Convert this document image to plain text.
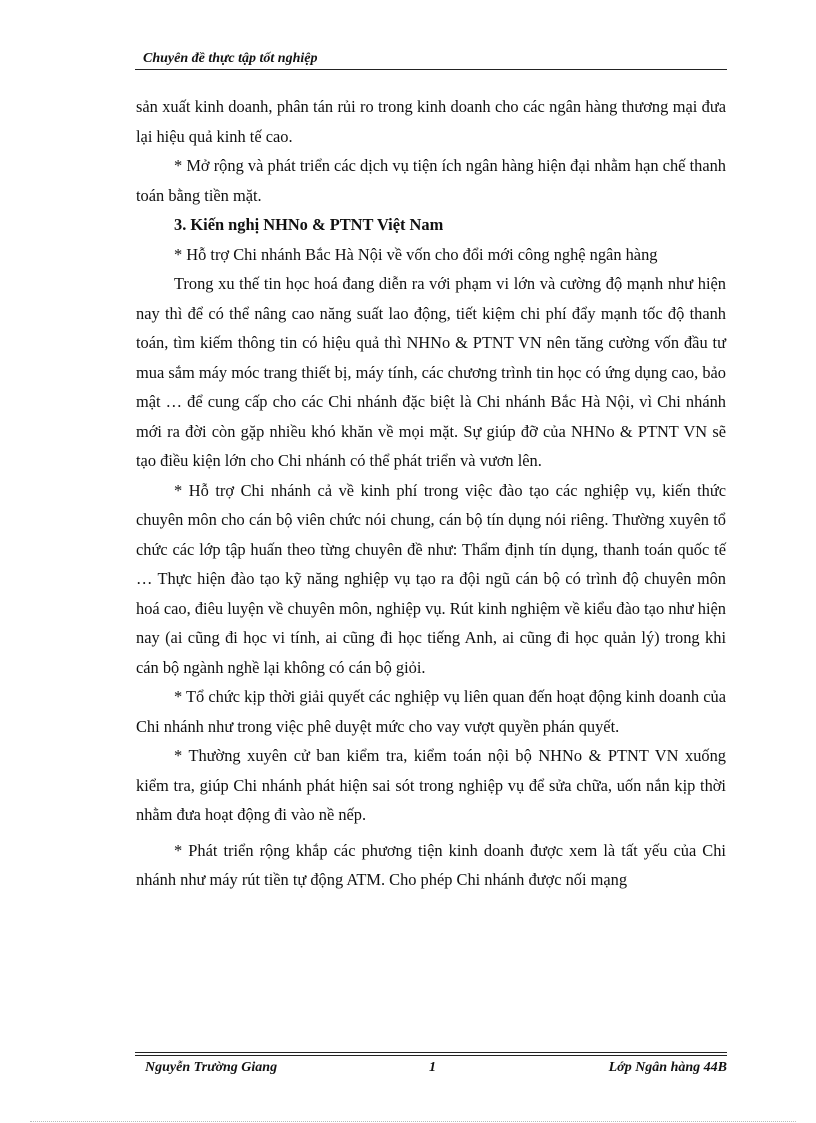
Chuyên đề thực tập tốt nghiệp

sản xuất kinh doanh, phân tán rủi ro trong kinh doanh cho các ngân hàng thương mại đưa lại hiệu quả kinh tế cao.

* Mở rộng và phát triển các dịch vụ tiện ích ngân hàng hiện đại nhằm hạn chế thanh toán bằng tiền mặt.

3. Kiến nghị NHNo & PTNT Việt Nam

* Hỗ trợ Chi nhánh Bắc Hà Nội về vốn cho đổi mới công nghệ ngân hàng

Trong xu thế tin học hoá đang diễn ra với phạm vi lớn và cường độ mạnh như hiện nay thì để có thể nâng cao năng suất lao động, tiết kiệm chi phí đẩy mạnh tốc độ thanh toán, tìm kiếm thông tin có hiệu quả thì NHNo & PTNT VN nên tăng cường vốn đầu tư mua sắm máy móc trang thiết bị, máy tính, các chương trình tin học có ứng dụng cao, bảo mật … để cung cấp cho các Chi nhánh đặc biệt là Chi nhánh Bắc Hà Nội, vì Chi nhánh mới ra đời còn gặp nhiều khó khăn về mọi mặt. Sự giúp đỡ của NHNo & PTNT VN sẽ tạo điều kiện lớn cho Chi nhánh có thể phát triển và vươn lên.

* Hỗ trợ Chi nhánh cả về kinh phí trong việc đào tạo các nghiệp vụ, kiến thức chuyên môn cho cán bộ viên chức nói chung, cán bộ tín dụng nói riêng. Thường xuyên tổ chức các lớp tập huấn theo từng chuyên đề như: Thẩm định tín dụng, thanh toán quốc tế … Thực hiện đào tạo kỹ năng nghiệp vụ tạo ra đội ngũ cán bộ có trình độ chuyên môn hoá cao, điêu luyện về chuyên môn, nghiệp vụ. Rút kinh nghiệm về kiểu đào tạo như hiện nay (ai cũng đi học vi tính, ai cũng đi học tiếng Anh, ai cũng đi học quản lý) trong khi cán bộ ngành nghề lại không có cán bộ giỏi.

* Tổ chức kịp thời giải quyết các nghiệp vụ liên quan đến hoạt động kinh doanh của Chi nhánh như trong việc phê duyệt mức cho vay vượt quyền phán quyết.

* Thường xuyên cử ban kiểm tra, kiểm toán nội bộ NHNo & PTNT VN xuống kiểm tra, giúp Chi nhánh phát hiện sai sót trong nghiệp vụ để sửa chữa, uốn nắn kịp thời nhằm đưa hoạt động đi vào nề nếp.

* Phát triển rộng khắp các phương tiện kinh doanh được xem là tất yếu của Chi nhánh như máy rút tiền tự động ATM. Cho phép Chi nhánh được nối mạng

Nguyễn Trường Giang	1	Lớp Ngân hàng 44B
